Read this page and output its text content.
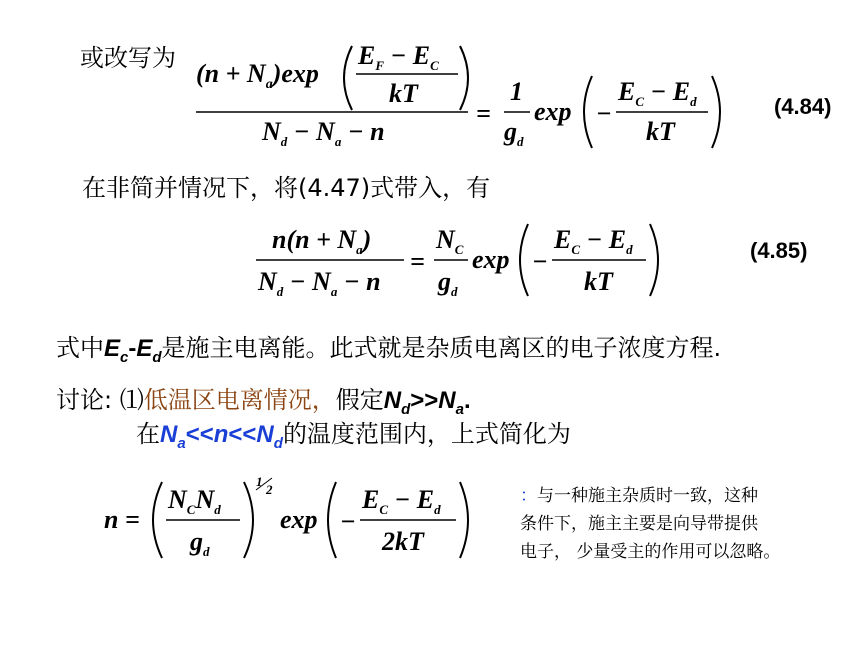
或改写为
$(n + N_a)\exp$
$E_F - E_C$
kT
$N_d - N_a - n$
=
1
$g_d$
exp −
$E_C - E_d$
kT
(4.84)
在非简并情况下，将(4.47)式带入，有
$n(n + N_a)$
$N_d - N_a - n$
=
$N_C$
$g_d$
exp −
$E_C - E_d$
kT
(4.85)
式中$E_c-E_d$是施主电离能。此式就是杂质电离区的电子浓度方程.
讨论: ⑴低温区电离情况，假定$N_d>>N_a$.
在$N_a<<n<<N_d$的温度范围内，上式简化为
n =
$N_CN_d$
$g_d$
1
2
exp −
$E_C - E_d$
2kT
：与一种施主杂质时一致，这种
条件下，施主主要是向导带提供
电子， 少量受主的作用可以忽略。
